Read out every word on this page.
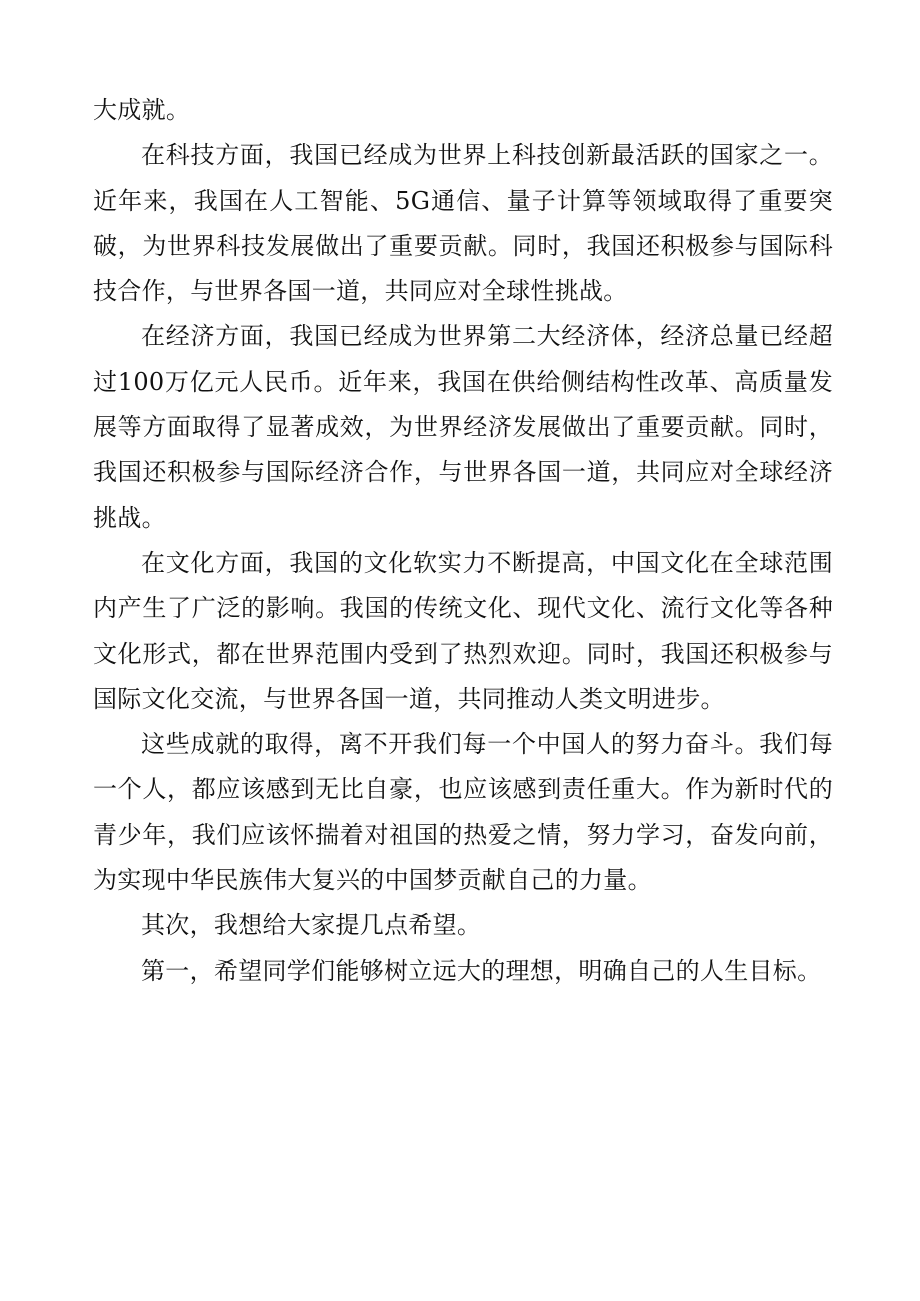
大成就。

在科技方面，我国已经成为世界上科技创新最活跃的国家之一。近年来，我国在人工智能、5G通信、量子计算等领域取得了重要突破，为世界科技发展做出了重要贡献。同时，我国还积极参与国际科技合作，与世界各国一道，共同应对全球性挑战。

在经济方面，我国已经成为世界第二大经济体，经济总量已经超过100万亿元人民币。近年来，我国在供给侧结构性改革、高质量发展等方面取得了显著成效，为世界经济发展做出了重要贡献。同时，我国还积极参与国际经济合作，与世界各国一道，共同应对全球经济挑战。

在文化方面，我国的文化软实力不断提高，中国文化在全球范围内产生了广泛的影响。我国的传统文化、现代文化、流行文化等各种文化形式，都在世界范围内受到了热烈欢迎。同时，我国还积极参与国际文化交流，与世界各国一道，共同推动人类文明进步。

这些成就的取得，离不开我们每一个中国人的努力奋斗。我们每一个人，都应该感到无比自豪，也应该感到责任重大。作为新时代的青少年，我们应该怀揣着对祖国的热爱之情，努力学习，奋发向前，为实现中华民族伟大复兴的中国梦贡献自己的力量。

其次，我想给大家提几点希望。

第一，希望同学们能够树立远大的理想，明确自己的人生目标。
